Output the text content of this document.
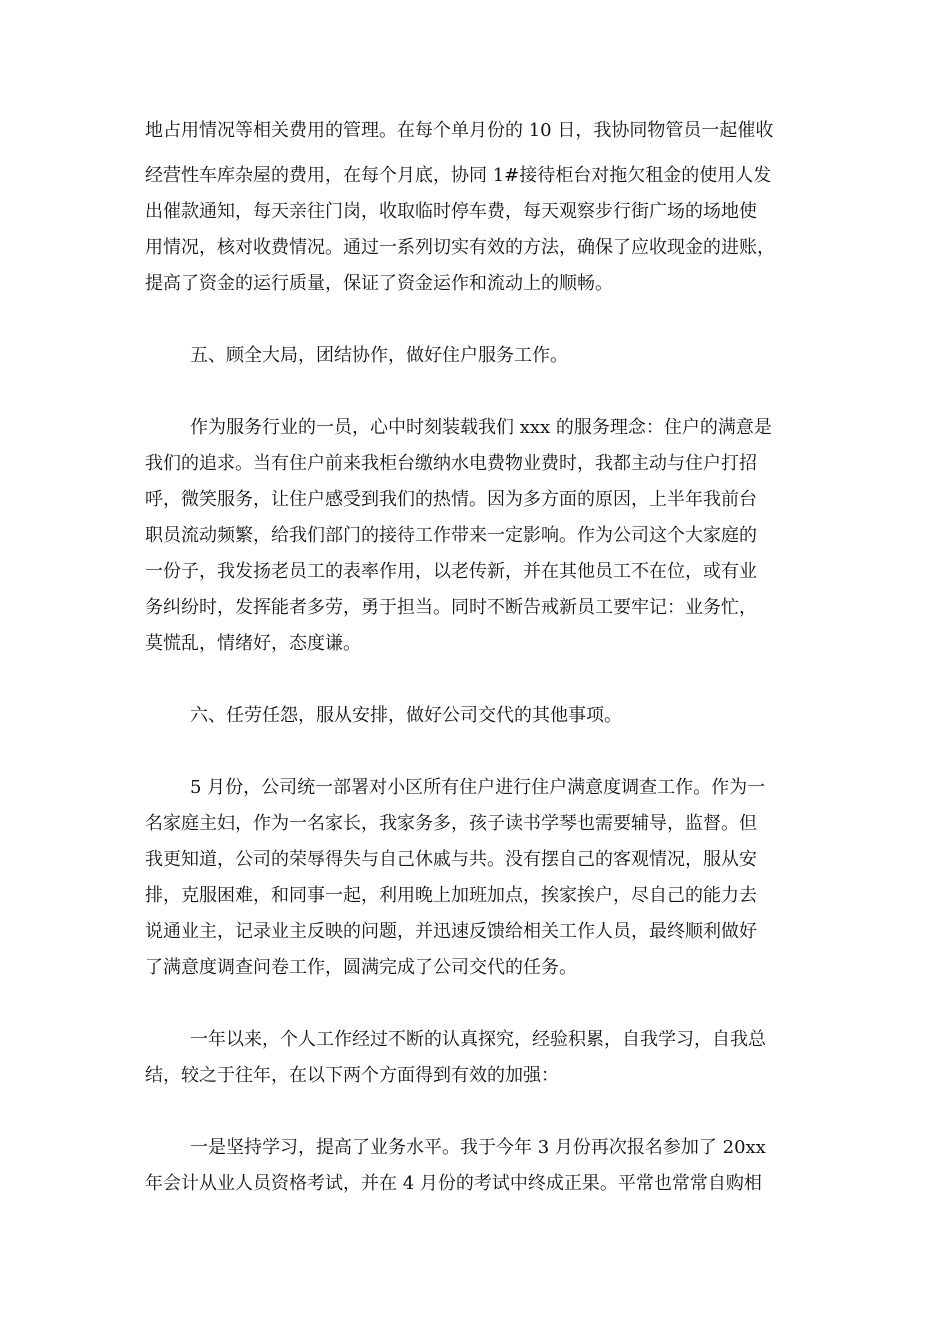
地占用情况等相关费用的管理。在每个单月份的 10 日，我协同物管员一起催收

经营性车库杂屋的费用，在每个月底，协同 1#接待柜台对拖欠租金的使用人发

出催款通知，每天亲往门岗，收取临时停车费，每天观察步行街广场的场地使

用情况，核对收费情况。通过一系列切实有效的方法，确保了应收现金的进账，

提高了资金的运行质量，保证了资金运作和流动上的顺畅。

五、顾全大局，团结协作，做好住户服务工作。

作为服务行业的一员，心中时刻装载我们 xxx 的服务理念：住户的满意是

我们的追求。当有住户前来我柜台缴纳水电费物业费时，我都主动与住户打招

呼，微笑服务，让住户感受到我们的热情。因为多方面的原因，上半年我前台

职员流动频繁，给我们部门的接待工作带来一定影响。作为公司这个大家庭的

一份子，我发扬老员工的表率作用，以老传新，并在其他员工不在位，或有业

务纠纷时，发挥能者多劳，勇于担当。同时不断告戒新员工要牢记：业务忙，

莫慌乱，情绪好，态度谦。

六、任劳任怨，服从安排，做好公司交代的其他事项。

5 月份，公司统一部署对小区所有住户进行住户满意度调查工作。作为一

名家庭主妇，作为一名家长，我家务多，孩子读书学琴也需要辅导，监督。但

我更知道，公司的荣辱得失与自己休戚与共。没有摆自己的客观情况，服从安

排，克服困难，和同事一起，利用晚上加班加点，挨家挨户，尽自己的能力去

说通业主，记录业主反映的问题，并迅速反馈给相关工作人员，最终顺利做好

了满意度调查问卷工作，圆满完成了公司交代的任务。

一年以来，个人工作经过不断的认真探究，经验积累，自我学习，自我总

结，较之于往年，在以下两个方面得到有效的加强：

一是坚持学习，提高了业务水平。我于今年 3 月份再次报名参加了 20xx

年会计从业人员资格考试，并在 4 月份的考试中终成正果。平常也常常自购相
